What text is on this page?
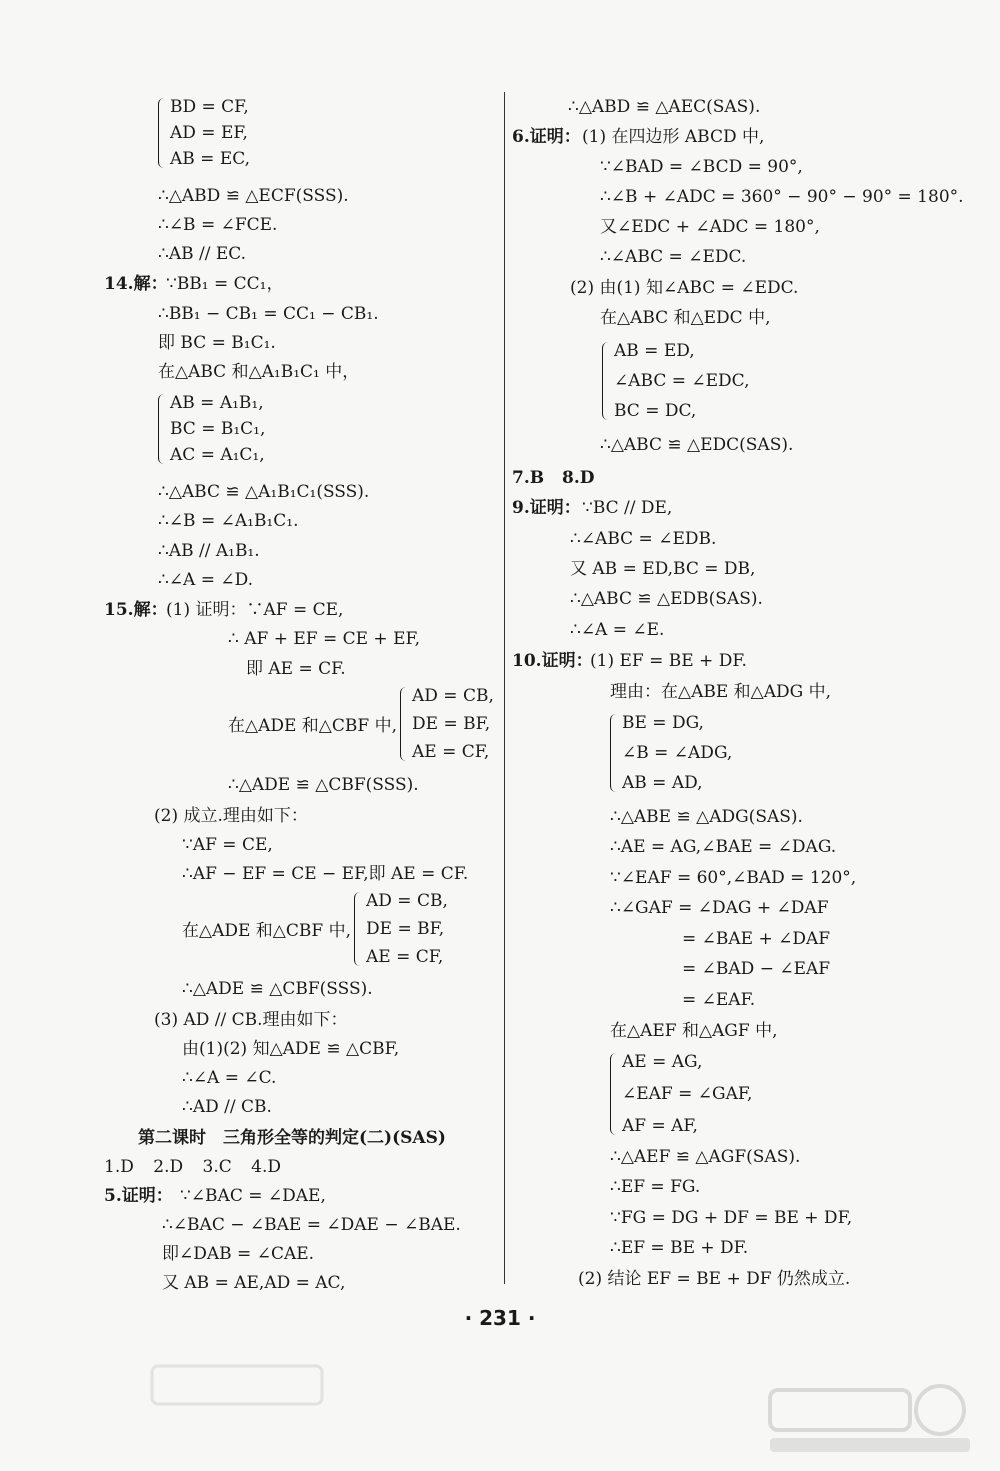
BD = CF,
AD = EF,
AB = EC,
∴△ABD ≌ △ECF(SSS).
∴∠B = ∠FCE.
∴AB // EC.
14.解：
∵BB₁ = CC₁，
∴BB₁ − CB₁ = CC₁ − CB₁.
即 BC = B₁C₁.
在△ABC 和△A₁B₁C₁ 中，
AB = A₁B₁,
BC = B₁C₁,
AC = A₁C₁,
∴△ABC ≌ △A₁B₁C₁(SSS).
∴∠B = ∠A₁B₁C₁.
∴AB // A₁B₁.
∴∠A = ∠D.
15.解：
(1) 证明：∵AF = CE,
∴ AF + EF = CE + EF,
即 AE = CF.
在△ADE 和△CBF 中,
AD = CB,
DE = BF,
AE = CF,
∴△ADE ≌ △CBF(SSS).
(2) 成立.理由如下：
∵AF = CE,
∴AF − EF = CE − EF,即 AE = CF.
在△ADE 和△CBF 中,
AD = CB,
DE = BF,
AE = CF,
∴△ADE ≌ △CBF(SSS).
(3) AD // CB.理由如下：
由(1)(2) 知△ADE ≌ △CBF,
∴∠A = ∠C.
∴AD // CB.
第二课时　三角形全等的判定(二)(SAS)
1.D 2.D 3.C 4.D
5.证明： ∵∠BAC = ∠DAE,
∴∠BAC − ∠BAE = ∠DAE − ∠BAE.
即∠DAB = ∠CAE.
又 AB = AE,AD = AC,
∴△ABD ≌ △AEC(SAS).
6.证明： (1) 在四边形 ABCD 中,
∵∠BAD = ∠BCD = 90°,
∴∠B + ∠ADC = 360° − 90° − 90° = 180°.
又∠EDC + ∠ADC = 180°,
∴∠ABC = ∠EDC.
(2) 由(1) 知∠ABC = ∠EDC.
在△ABC 和△EDC 中,
AB = ED,
∠ABC = ∠EDC,
BC = DC,
∴△ABC ≌ △EDC(SAS).
7.B 8.D
9.证明： ∵BC // DE,
∴∠ABC = ∠EDB.
又 AB = ED,BC = DB,
∴△ABC ≌ △EDB(SAS).
∴∠A = ∠E.
10.证明：
(1) EF = BE + DF.
理由：在△ABE 和△ADG 中,
BE = DG,
∠B = ∠ADG,
AB = AD,
∴△ABE ≌ △ADG(SAS).
∴AE = AG,∠BAE = ∠DAG.
∵∠EAF = 60°,∠BAD = 120°,
∴∠GAF = ∠DAG + ∠DAF
= ∠BAE + ∠DAF
= ∠BAD − ∠EAF
= ∠EAF.
在△AEF 和△AGF 中,
AE = AG,
∠EAF = ∠GAF,
AF = AF,
∴△AEF ≌ △AGF(SAS).
∴EF = FG.
∵FG = DG + DF = BE + DF,
∴EF = BE + DF.
(2) 结论 EF = BE + DF 仍然成立.
· 231 ·
